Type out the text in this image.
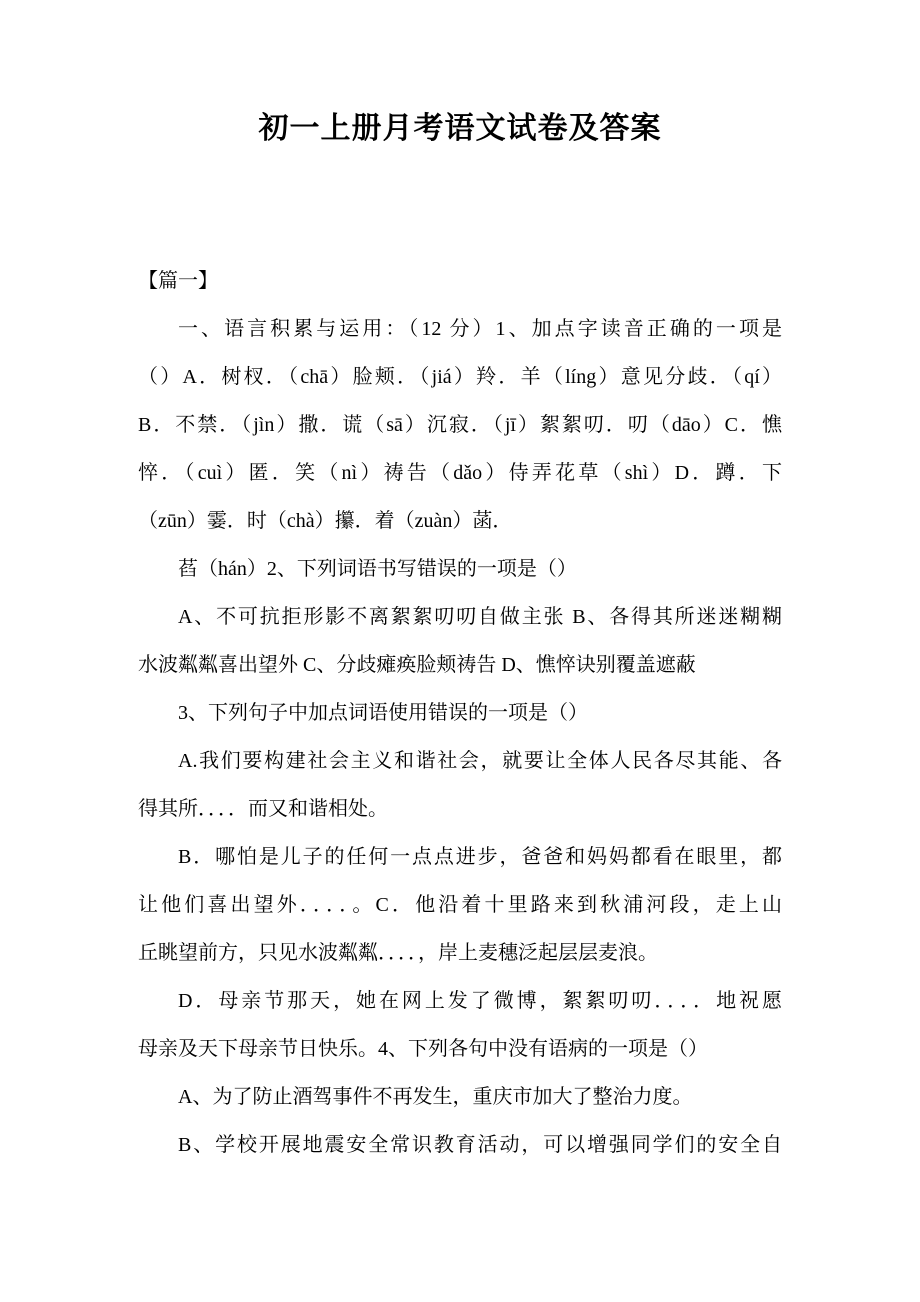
初一上册月考语文试卷及答案
【篇一】
一、语言积累与运用：（12 分）1、加点字读音正确的一项是
（）A．树杈．（chā）脸颊．（jiá）羚．羊（líng）意见分歧．（qí）
B．不禁．（jìn）撒．谎（sā）沉寂．（jī）絮絮叨．叨（dāo）C．憔
悴．（cuì）匿．笑（nì）祷告（dǎo）侍弄花草（shì）D．蹲．下
（zūn）霎．时（chà）攥．着（zuàn）菡．
萏（hán）2、下列词语书写错误的一项是（）
A、不可抗拒形影不离絮絮叨叨自做主张 B、各得其所迷迷糊糊
水波粼粼喜出望外 C、分歧瘫痪脸颊祷告 D、憔悴诀别覆盖遮蔽
3、下列句子中加点词语使用错误的一项是（）
A.我们要构建社会主义和谐社会，就要让全体人民各尽其能、各
得其所．．．．而又和谐相处。
B．哪怕是儿子的任何一点点进步，爸爸和妈妈都看在眼里，都
让他们喜出望外．．．．。C．他沿着十里路来到秋浦河段，走上山
丘眺望前方，只见水波粼粼．．．．，岸上麦穗泛起层层麦浪。
D．母亲节那天，她在网上发了微博，絮絮叨叨．．．．地祝愿
母亲及天下母亲节日快乐。4、下列各句中没有语病的一项是（）
A、为了防止酒驾事件不再发生，重庆市加大了整治力度。
B、学校开展地震安全常识教育活动，可以增强同学们的安全自
